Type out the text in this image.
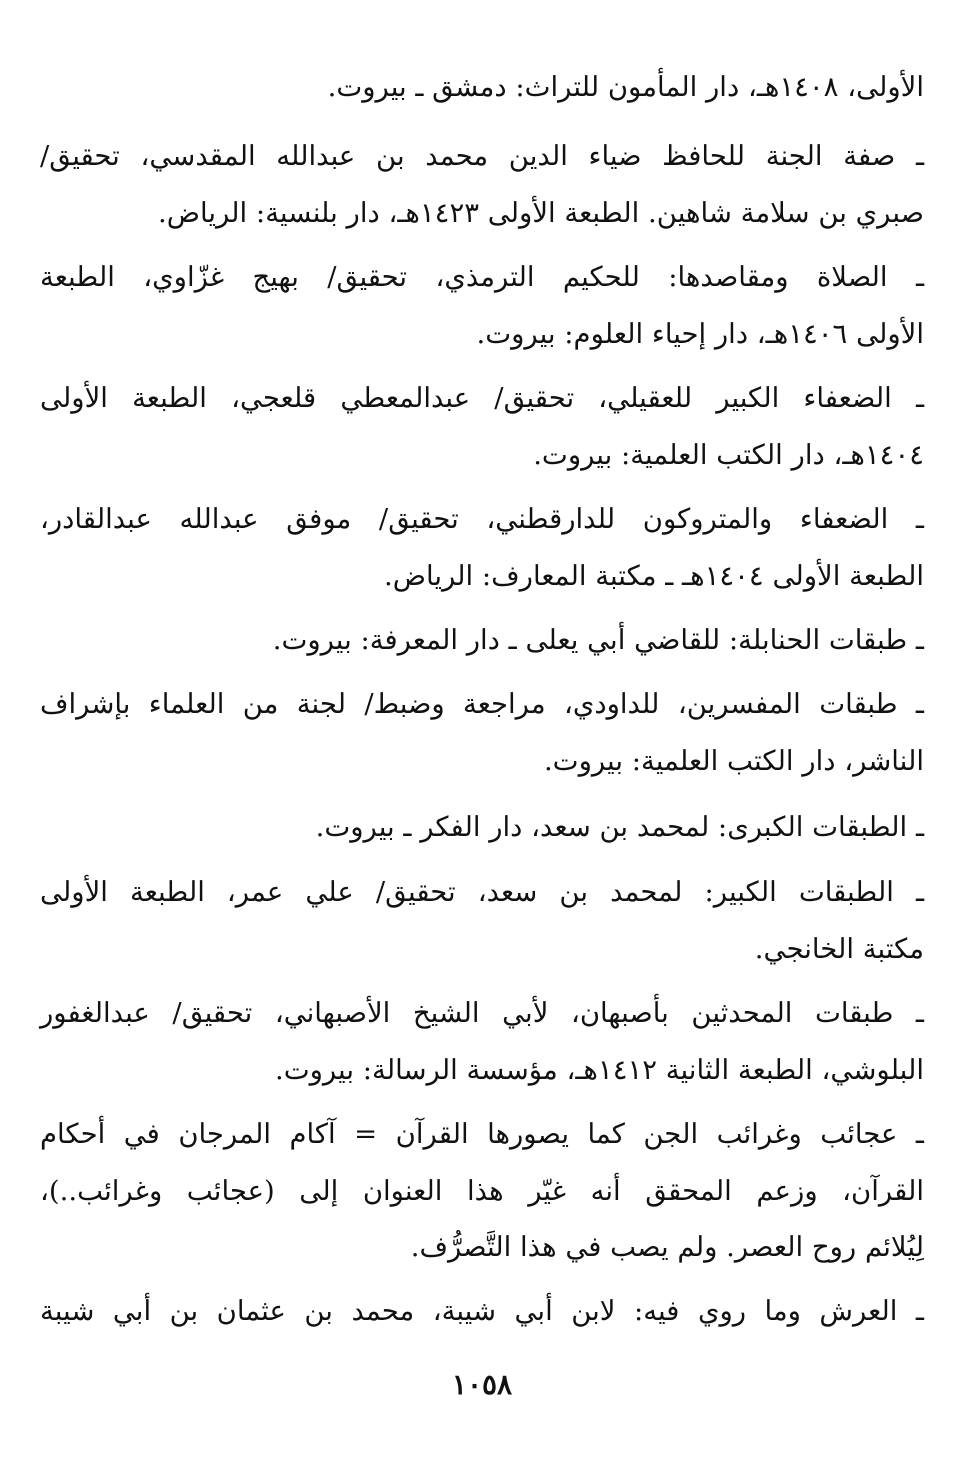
الأولى، ١٤٠٨هـ، دار المأمون للتراث: دمشق ـ بيروت.
ـ صفة الجنة للحافظ ضياء الدين محمد بن عبدالله المقدسي، تحقيق/
صبري بن سلامة شاهين. الطبعة الأولى ١٤٢٣هـ، دار بلنسية: الرياض.
ـ الصلاة ومقاصدها: للحكيم الترمذي، تحقيق/ بهيج غزّاوي، الطبعة
الأولى ١٤٠٦هـ، دار إحياء العلوم: بيروت.
ـ الضعفاء الكبير للعقيلي، تحقيق/ عبدالمعطي قلعجي، الطبعة الأولى
١٤٠٤هـ، دار الكتب العلمية: بيروت.
ـ الضعفاء والمتروكون للدارقطني، تحقيق/ موفق عبدالله عبدالقادر،
الطبعة الأولى ١٤٠٤هـ ـ مكتبة المعارف: الرياض.
ـ طبقات الحنابلة: للقاضي أبي يعلى ـ دار المعرفة: بيروت.
ـ طبقات المفسرين، للداودي، مراجعة وضبط/ لجنة من العلماء بإشراف
الناشر، دار الكتب العلمية: بيروت.
ـ الطبقات الكبرى: لمحمد بن سعد، دار الفكر ـ بيروت.
ـ الطبقات الكبير: لمحمد بن سعد، تحقيق/ علي عمر، الطبعة الأولى
مكتبة الخانجي.
ـ طبقات المحدثين بأصبهان، لأبي الشيخ الأصبهاني، تحقيق/ عبدالغفور
البلوشي، الطبعة الثانية ١٤١٢هـ، مؤسسة الرسالة: بيروت.
ـ عجائب وغرائب الجن كما يصورها القرآن = آكام المرجان في أحكام
القرآن، وزعم المحقق أنه غيّر هذا العنوان إلى (عجائب وغرائب..)،
لِيُلائم روح العصر. ولم يصب في هذا التَّصرُّف.
ـ العرش وما روي فيه: لابن أبي شيبة، محمد بن عثمان بن أبي شيبة
١٠٥٨
